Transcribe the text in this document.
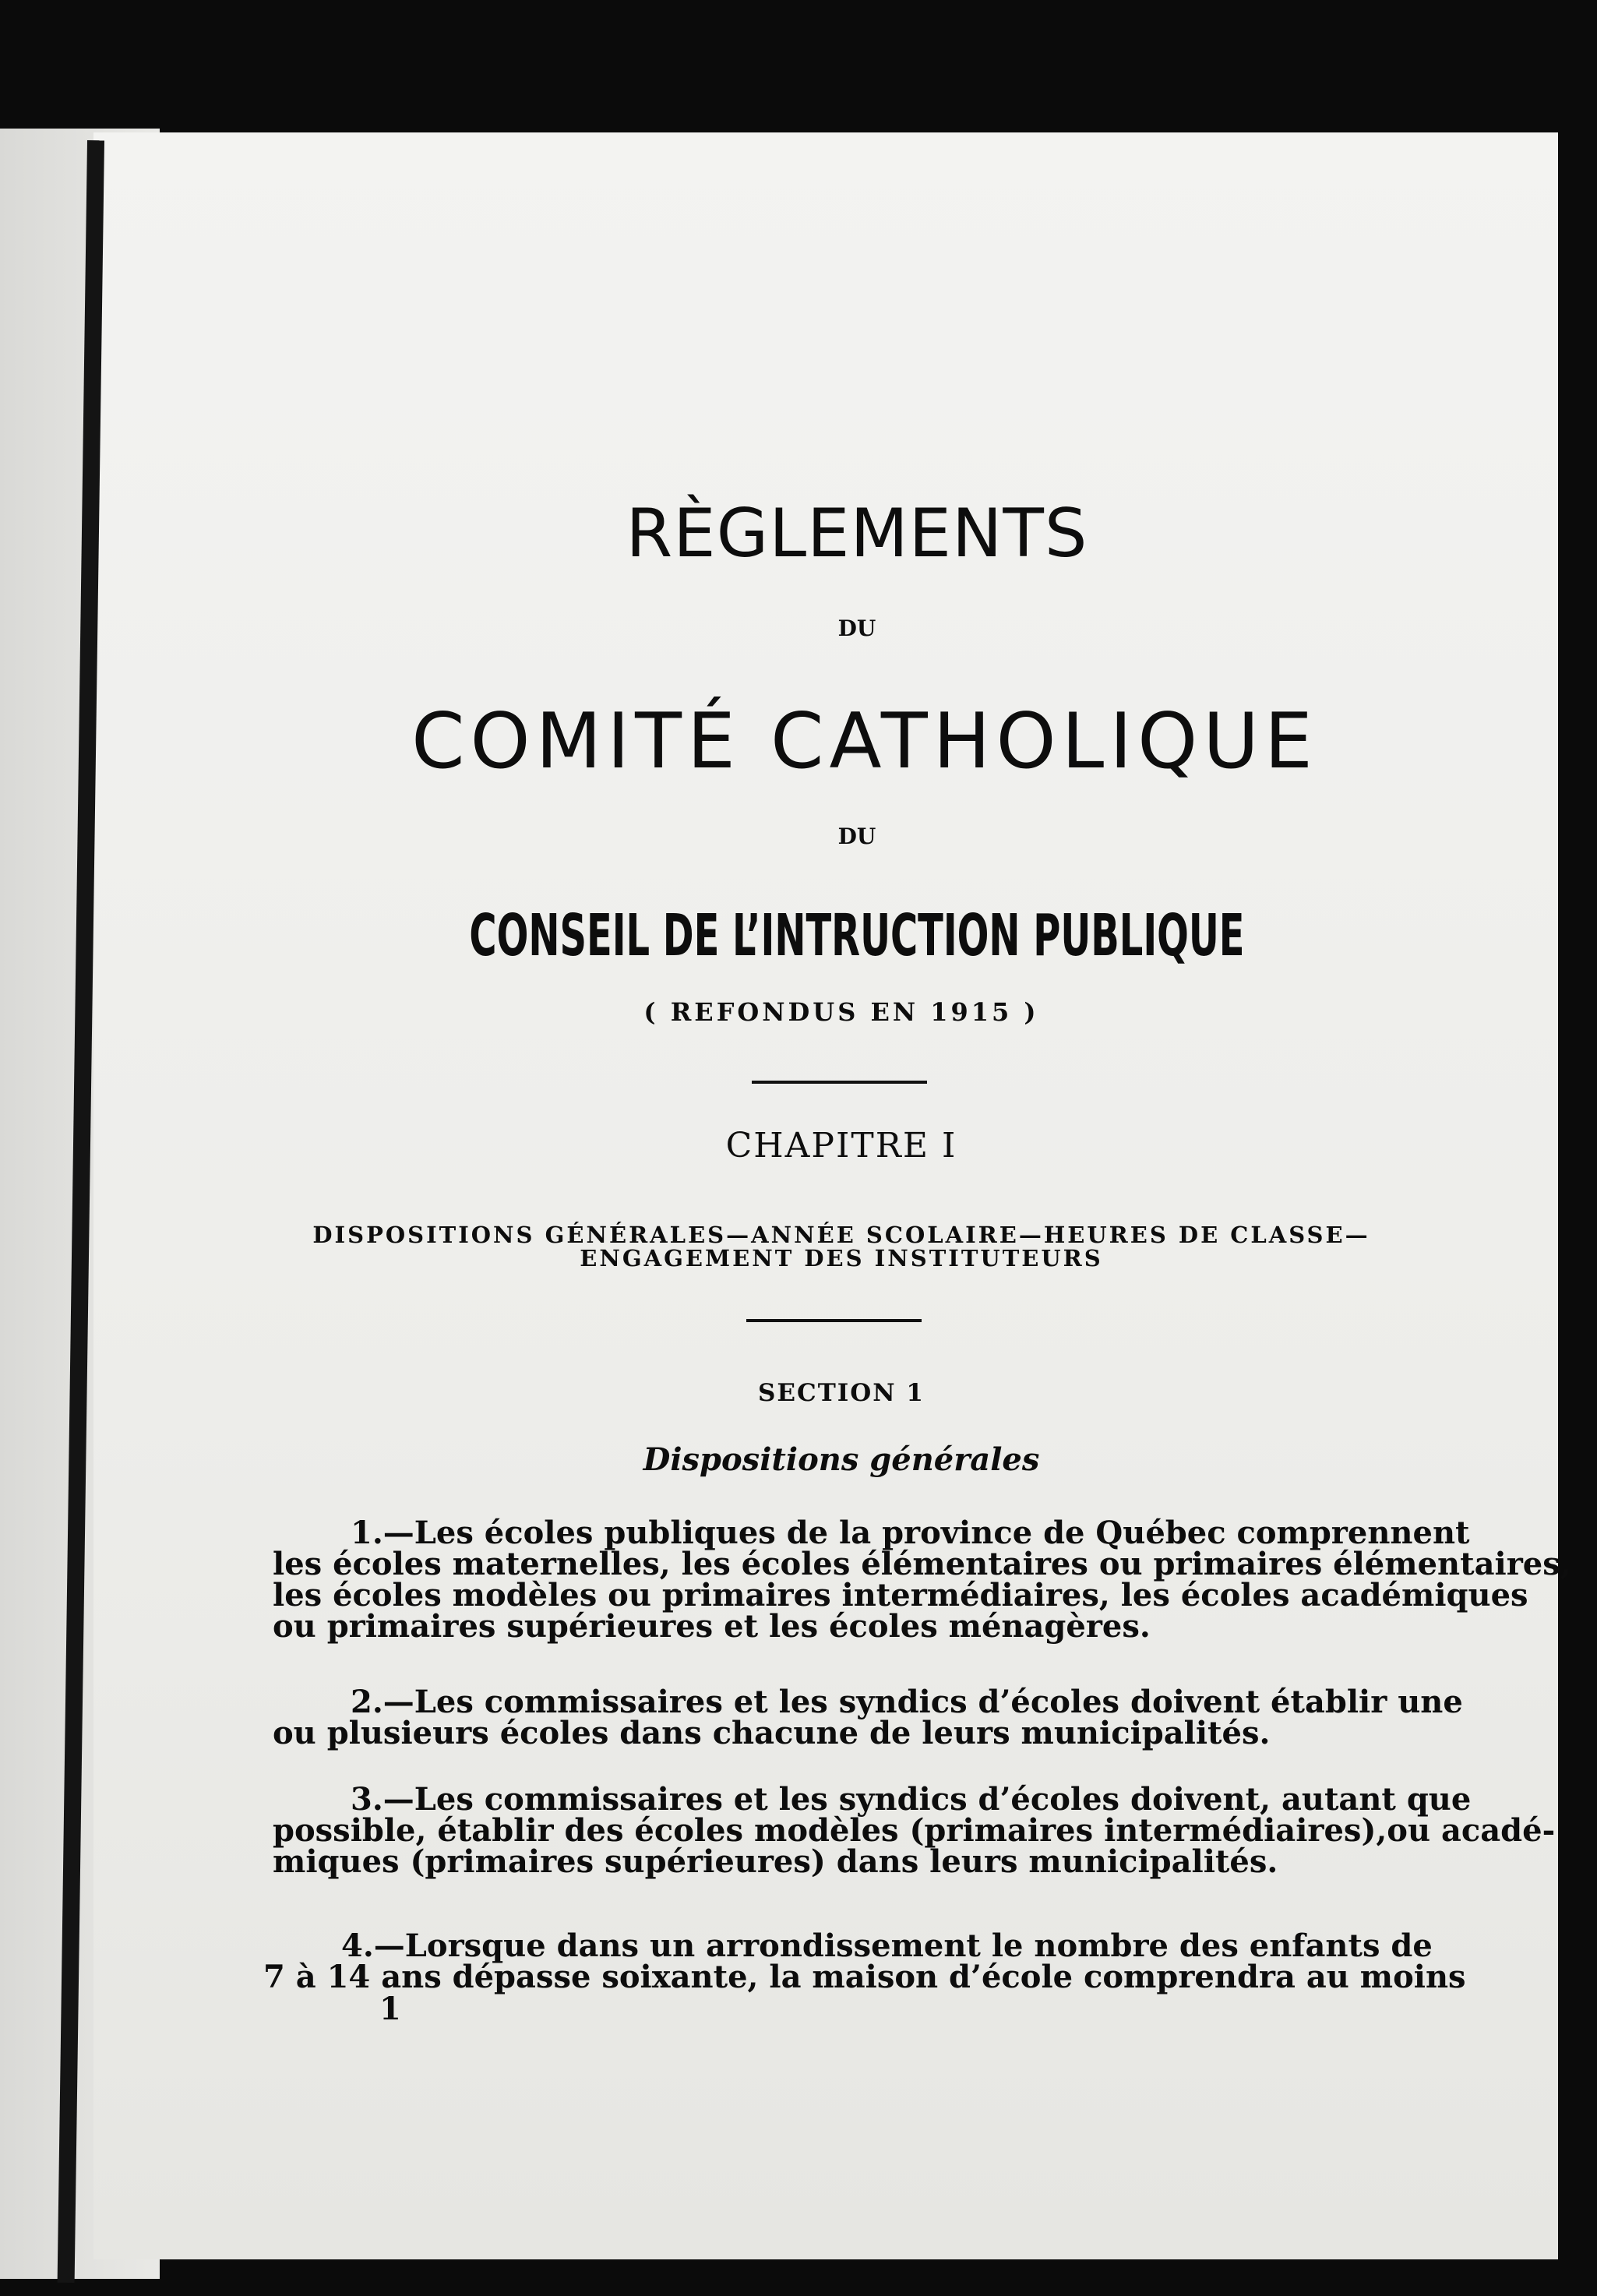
RÈGLEMENTS
DU
COMITÉ CATHOLIQUE
DU
CONSEIL DE L’INTRUCTION PUBLIQUE
( REFONDUS EN 1915 )
CHAPITRE I
DISPOSITIONS GÉNÉRALES—ANNÉE SCOLAIRE—HEURES DE CLASSE—
ENGAGEMENT DES INSTITUTEURS
SECTION 1
Dispositions générales
1.—Les écoles publiques de la province de Québec comprennent
les écoles maternelles, les écoles élémentaires ou primaires élémentaires,
les écoles modèles ou primaires intermédiaires, les écoles académiques
ou primaires supérieures et les écoles ménagères.
2.—Les commissaires et les syndics d’écoles doivent établir une
ou plusieurs écoles dans chacune de leurs municipalités.
3.—Les commissaires et les syndics d’écoles doivent, autant que
possible, établir des écoles modèles (primaires intermédiaires),ou acadé-
miques (primaires supérieures) dans leurs municipalités.
4.—Lorsque dans un arrondissement le nombre des enfants de
7 à 14 ans dépasse soixante, la maison d’école comprendra au moins
1
